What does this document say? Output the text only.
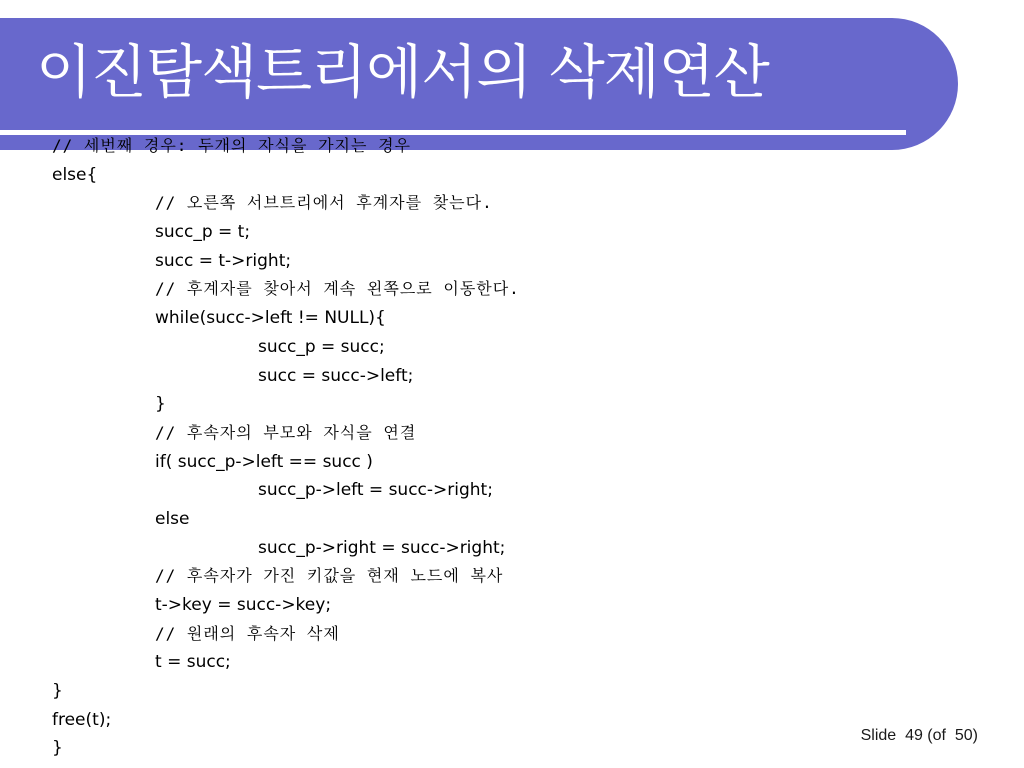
이진탐색트리에서의 삭제연산
// 세번째 경우: 두개의 자식을 가지는 경우
else{
// 오른쪽 서브트리에서 후계자를 찾는다.
succ_p = t;
succ = t->right;
// 후계자를 찾아서 계속 왼쪽으로 이동한다.
while(succ->left != NULL){
succ_p = succ;
succ = succ->left;
}
// 후속자의 부모와 자식을 연결
if( succ_p->left == succ )
succ_p->left = succ->right;
else
succ_p->right = succ->right;
// 후속자가 가진 키값을 현재 노드에 복사
t->key = succ->key;
// 원래의 후속자 삭제
t = succ;
}
free(t);
}
Slide  49 (of  50)
